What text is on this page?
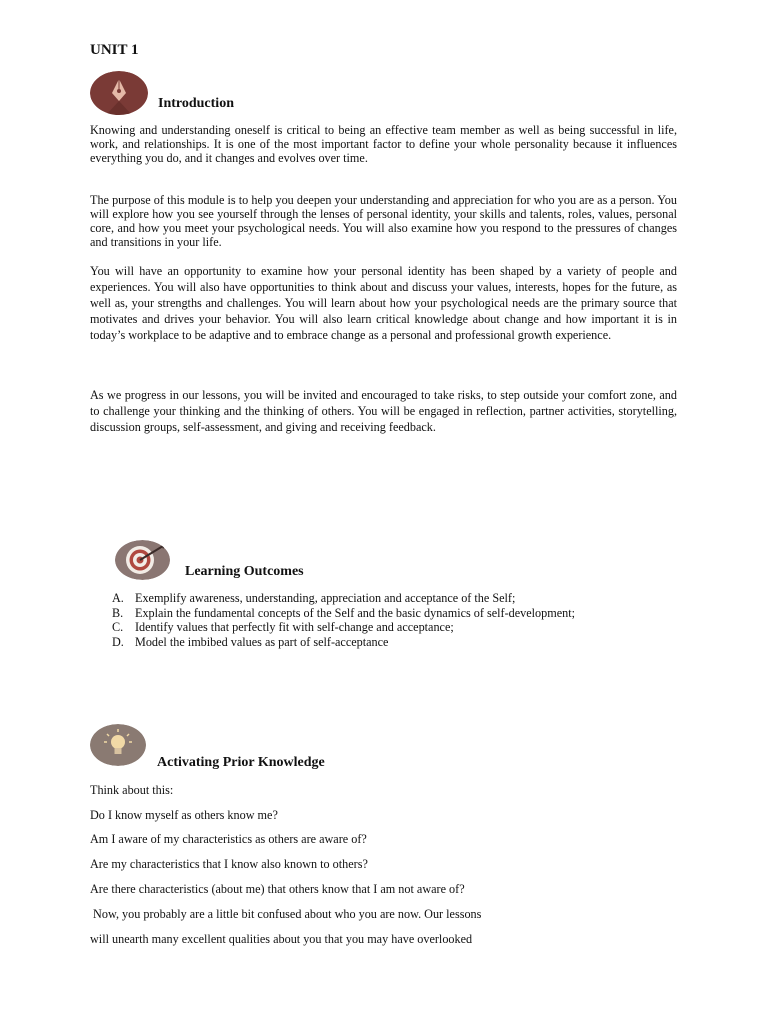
UNIT 1
Introduction
Knowing and understanding oneself is critical to being an effective team member as well as being successful in life, work, and relationships. It is one of the most important factor to define your whole personality because it influences everything you do, and it changes and evolves over time.
The purpose of this module is to help you deepen your understanding and appreciation for who you are as a person. You will explore how you see yourself through the lenses of personal identity, your skills and talents, roles, values, personal core, and how you meet your psychological needs. You will also examine how you respond to the pressures of changes and transitions in your life.
You will have an opportunity to examine how your personal identity has been shaped by a variety of people and experiences. You will also have opportunities to think about and discuss your values, interests, hopes for the future, as well as, your strengths and challenges. You will learn about how your psychological needs are the primary source that motivates and drives your behavior. You will also learn critical knowledge about change and how important it is in today’s workplace to be adaptive and to embrace change as a personal and professional growth experience.
As we progress in our lessons, you will be invited and encouraged to take risks, to step outside your comfort zone, and to challenge your thinking and the thinking of others. You will be engaged in reflection, partner activities, storytelling, discussion groups, self-assessment, and giving and receiving feedback.
Learning Outcomes
A. Exemplify awareness, understanding, appreciation and acceptance of the Self;
B. Explain the fundamental concepts of the Self and the basic dynamics of self-development;
C. Identify values that perfectly fit with self-change and acceptance;
D. Model the imbibed values as part of self-acceptance
Activating Prior Knowledge
Think about this:
Do I know myself as others know me?
Am I aware of my characteristics as others are aware of?
Are my characteristics that I know also known to others?
Are there characteristics (about me) that others know that I am not aware of?
Now, you probably are a little bit confused about who you are now. Our lessons
will unearth many excellent qualities about you that you may have overlooked
